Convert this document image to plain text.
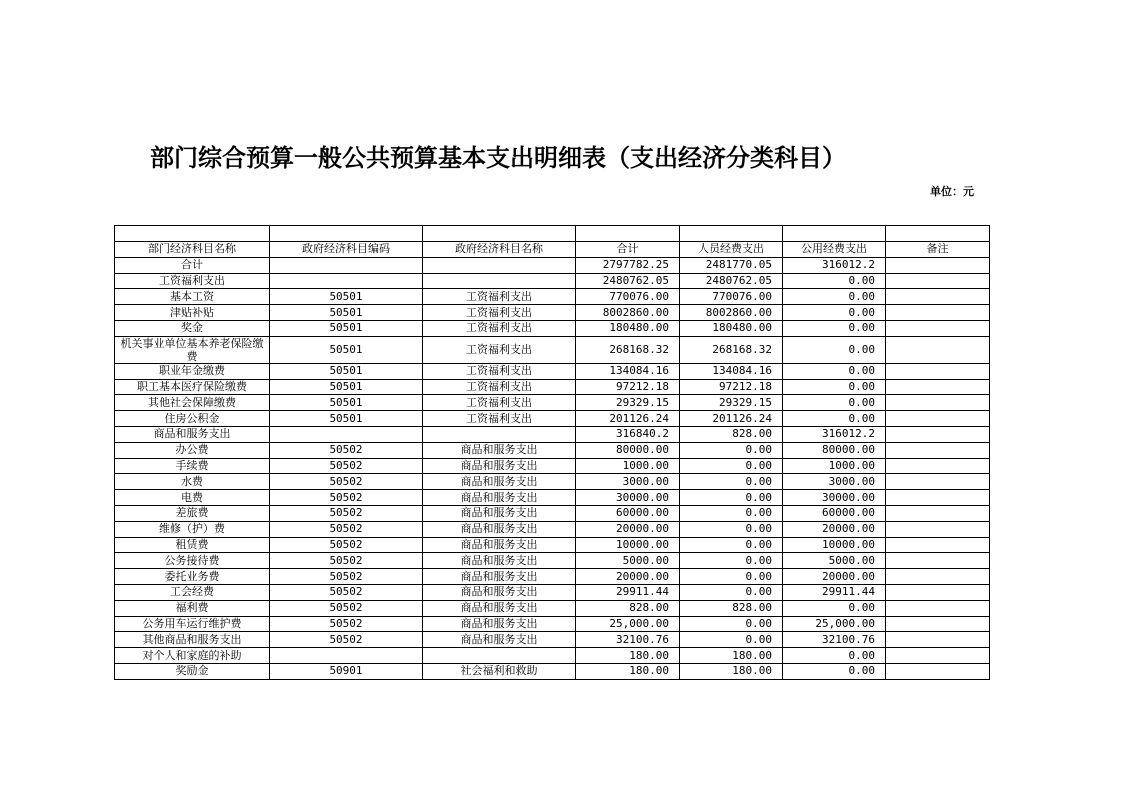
部门综合预算一般公共预算基本支出明细表（支出经济分类科目）
单位：元

部门经济科目名称	政府经济科目编码	政府经济科目名称	合计	人员经费支出	公用经费支出	备注
合计			2797782.25	2481770.05	316012.2	
工资福利支出			2480762.05	2480762.05	0.00	
基本工资	50501	工资福利支出	770076.00	770076.00	0.00	
津贴补贴	50501	工资福利支出	8002860.00	8002860.00	0.00	
奖金	50501	工资福利支出	180480.00	180480.00	0.00	
机关事业单位基本养老保险缴费	50501	工资福利支出	268168.32	268168.32	0.00	
职业年金缴费	50501	工资福利支出	134084.16	134084.16	0.00	
职工基本医疗保险缴费	50501	工资福利支出	97212.18	97212.18	0.00	
其他社会保障缴费	50501	工资福利支出	29329.15	29329.15	0.00	
住房公积金	50501	工资福利支出	201126.24	201126.24	0.00	
商品和服务支出			316840.2	828.00	316012.2	
办公费	50502	商品和服务支出	80000.00	0.00	80000.00	
手续费	50502	商品和服务支出	1000.00	0.00	1000.00	
水费	50502	商品和服务支出	3000.00	0.00	3000.00	
电费	50502	商品和服务支出	30000.00	0.00	30000.00	
差旅费	50502	商品和服务支出	60000.00	0.00	60000.00	
维修（护）费	50502	商品和服务支出	20000.00	0.00	20000.00	
租赁费	50502	商品和服务支出	10000.00	0.00	10000.00	
公务接待费	50502	商品和服务支出	5000.00	0.00	5000.00	
委托业务费	50502	商品和服务支出	20000.00	0.00	20000.00	
工会经费	50502	商品和服务支出	29911.44	0.00	29911.44	
福利费	50502	商品和服务支出	828.00	828.00	0.00	
公务用车运行维护费	50502	商品和服务支出	25,000.00	0.00	25,000.00	
其他商品和服务支出	50502	商品和服务支出	32100.76	0.00	32100.76	
对个人和家庭的补助			180.00	180.00	0.00	
奖励金	50901	社会福利和救助	180.00	180.00	0.00	
